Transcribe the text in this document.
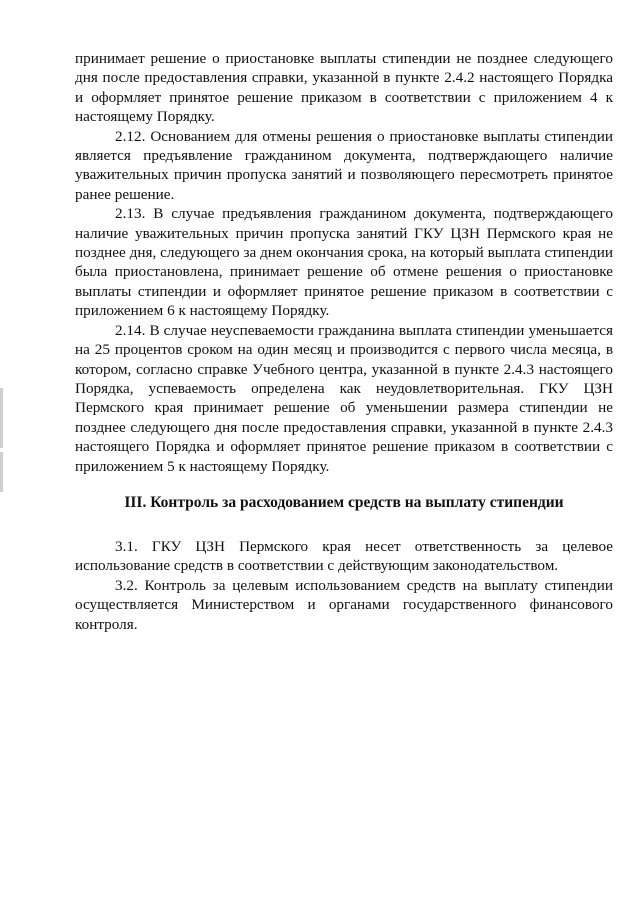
принимает решение о приостановке выплаты стипендии не позднее следующего дня после предоставления справки, указанной в пункте 2.4.2 настоящего Порядка и оформляет принятое решение приказом в соответствии с приложением 4 к настоящему Порядку.

2.12. Основанием для отмены решения о приостановке выплаты стипендии является предъявление гражданином документа, подтверждающего наличие уважительных причин пропуска занятий и позволяющего пересмотреть принятое ранее решение.

2.13. В случае предъявления гражданином документа, подтверждающего наличие уважительных причин пропуска занятий ГКУ ЦЗН Пермского края не позднее дня, следующего за днем окончания срока, на который выплата стипендии была приостановлена, принимает решение об отмене решения о приостановке выплаты стипендии и оформляет принятое решение приказом в соответствии с приложением 6 к настоящему Порядку.

2.14. В случае неуспеваемости гражданина выплата стипендии уменьшается на 25 процентов сроком на один месяц и производится с первого числа месяца, в котором, согласно справке Учебного центра, указанной в пункте 2.4.3 настоящего Порядка, успеваемость определена как неудовлетворительная. ГКУ ЦЗН Пермского края принимает решение об уменьшении размера стипендии не позднее следующего дня после предоставления справки, указанной в пункте 2.4.3 настоящего Порядка и оформляет принятое решение приказом в соответствии с приложением 5 к настоящему Порядку.

III. Контроль за расходованием средств на выплату стипендии

3.1. ГКУ ЦЗН Пермского края несет ответственность за целевое использование средств в соответствии с действующим законодательством.

3.2. Контроль за целевым использованием средств на выплату стипендии осуществляется Министерством и органами государственного финансового контроля.
